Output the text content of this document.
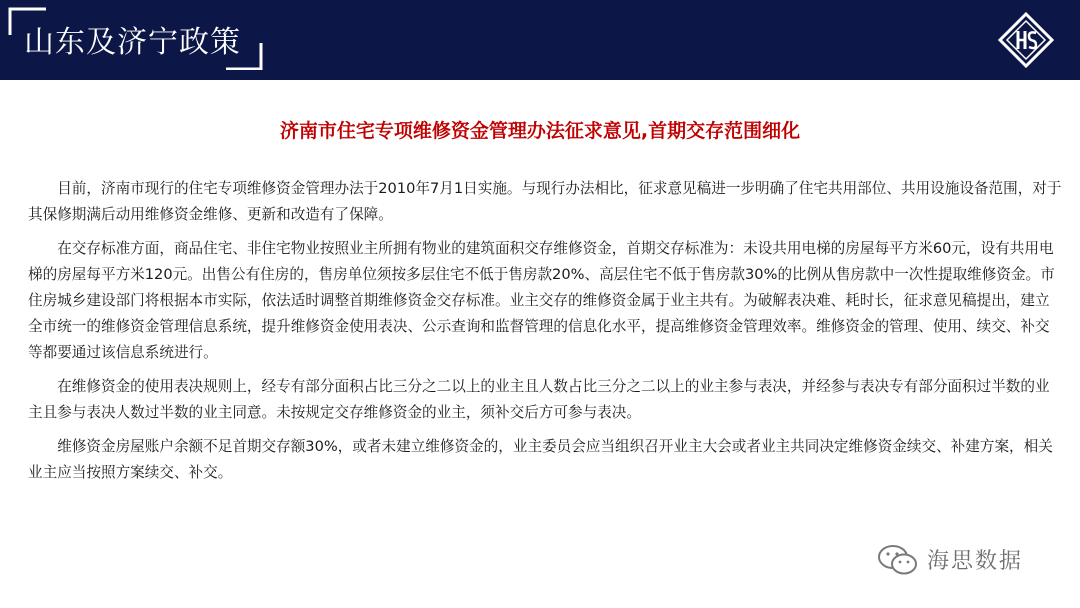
山东及济宁政策
济南市住宅专项维修资金管理办法征求意见,首期交存范围细化

目前，济南市现行的住宅专项维修资金管理办法于2010年7月1日实施。与现行办法相比，征求意见稿进一步明确了住宅共用部位、共用设施设备范围，对于其保修期满后动用维修资金维修、更新和改造有了保障。

在交存标准方面，商品住宅、非住宅物业按照业主所拥有物业的建筑面积交存维修资金，首期交存标准为：未设共用电梯的房屋每平方米60元，设有共用电梯的房屋每平方米120元。出售公有住房的，售房单位须按多层住宅不低于售房款20%、高层住宅不低于售房款30%的比例从售房款中一次性提取维修资金。市住房城乡建设部门将根据本市实际，依法适时调整首期维修资金交存标准。业主交存的维修资金属于业主共有。为破解表决难、耗时长，征求意见稿提出，建立全市统一的维修资金管理信息系统，提升维修资金使用表决、公示查询和监督管理的信息化水平，提高维修资金管理效率。维修资金的管理、使用、续交、补交等都要通过该信息系统进行。

在维修资金的使用表决规则上，经专有部分面积占比三分之二以上的业主且人数占比三分之二以上的业主参与表决，并经参与表决专有部分面积过半数的业主且参与表决人数过半数的业主同意。未按规定交存维修资金的业主，须补交后方可参与表决。

维修资金房屋账户余额不足首期交存额30%，或者未建立维修资金的，业主委员会应当组织召开业主大会或者业主共同决定维修资金续交、补建方案，相关业主应当按照方案续交、补交。

海思数据
